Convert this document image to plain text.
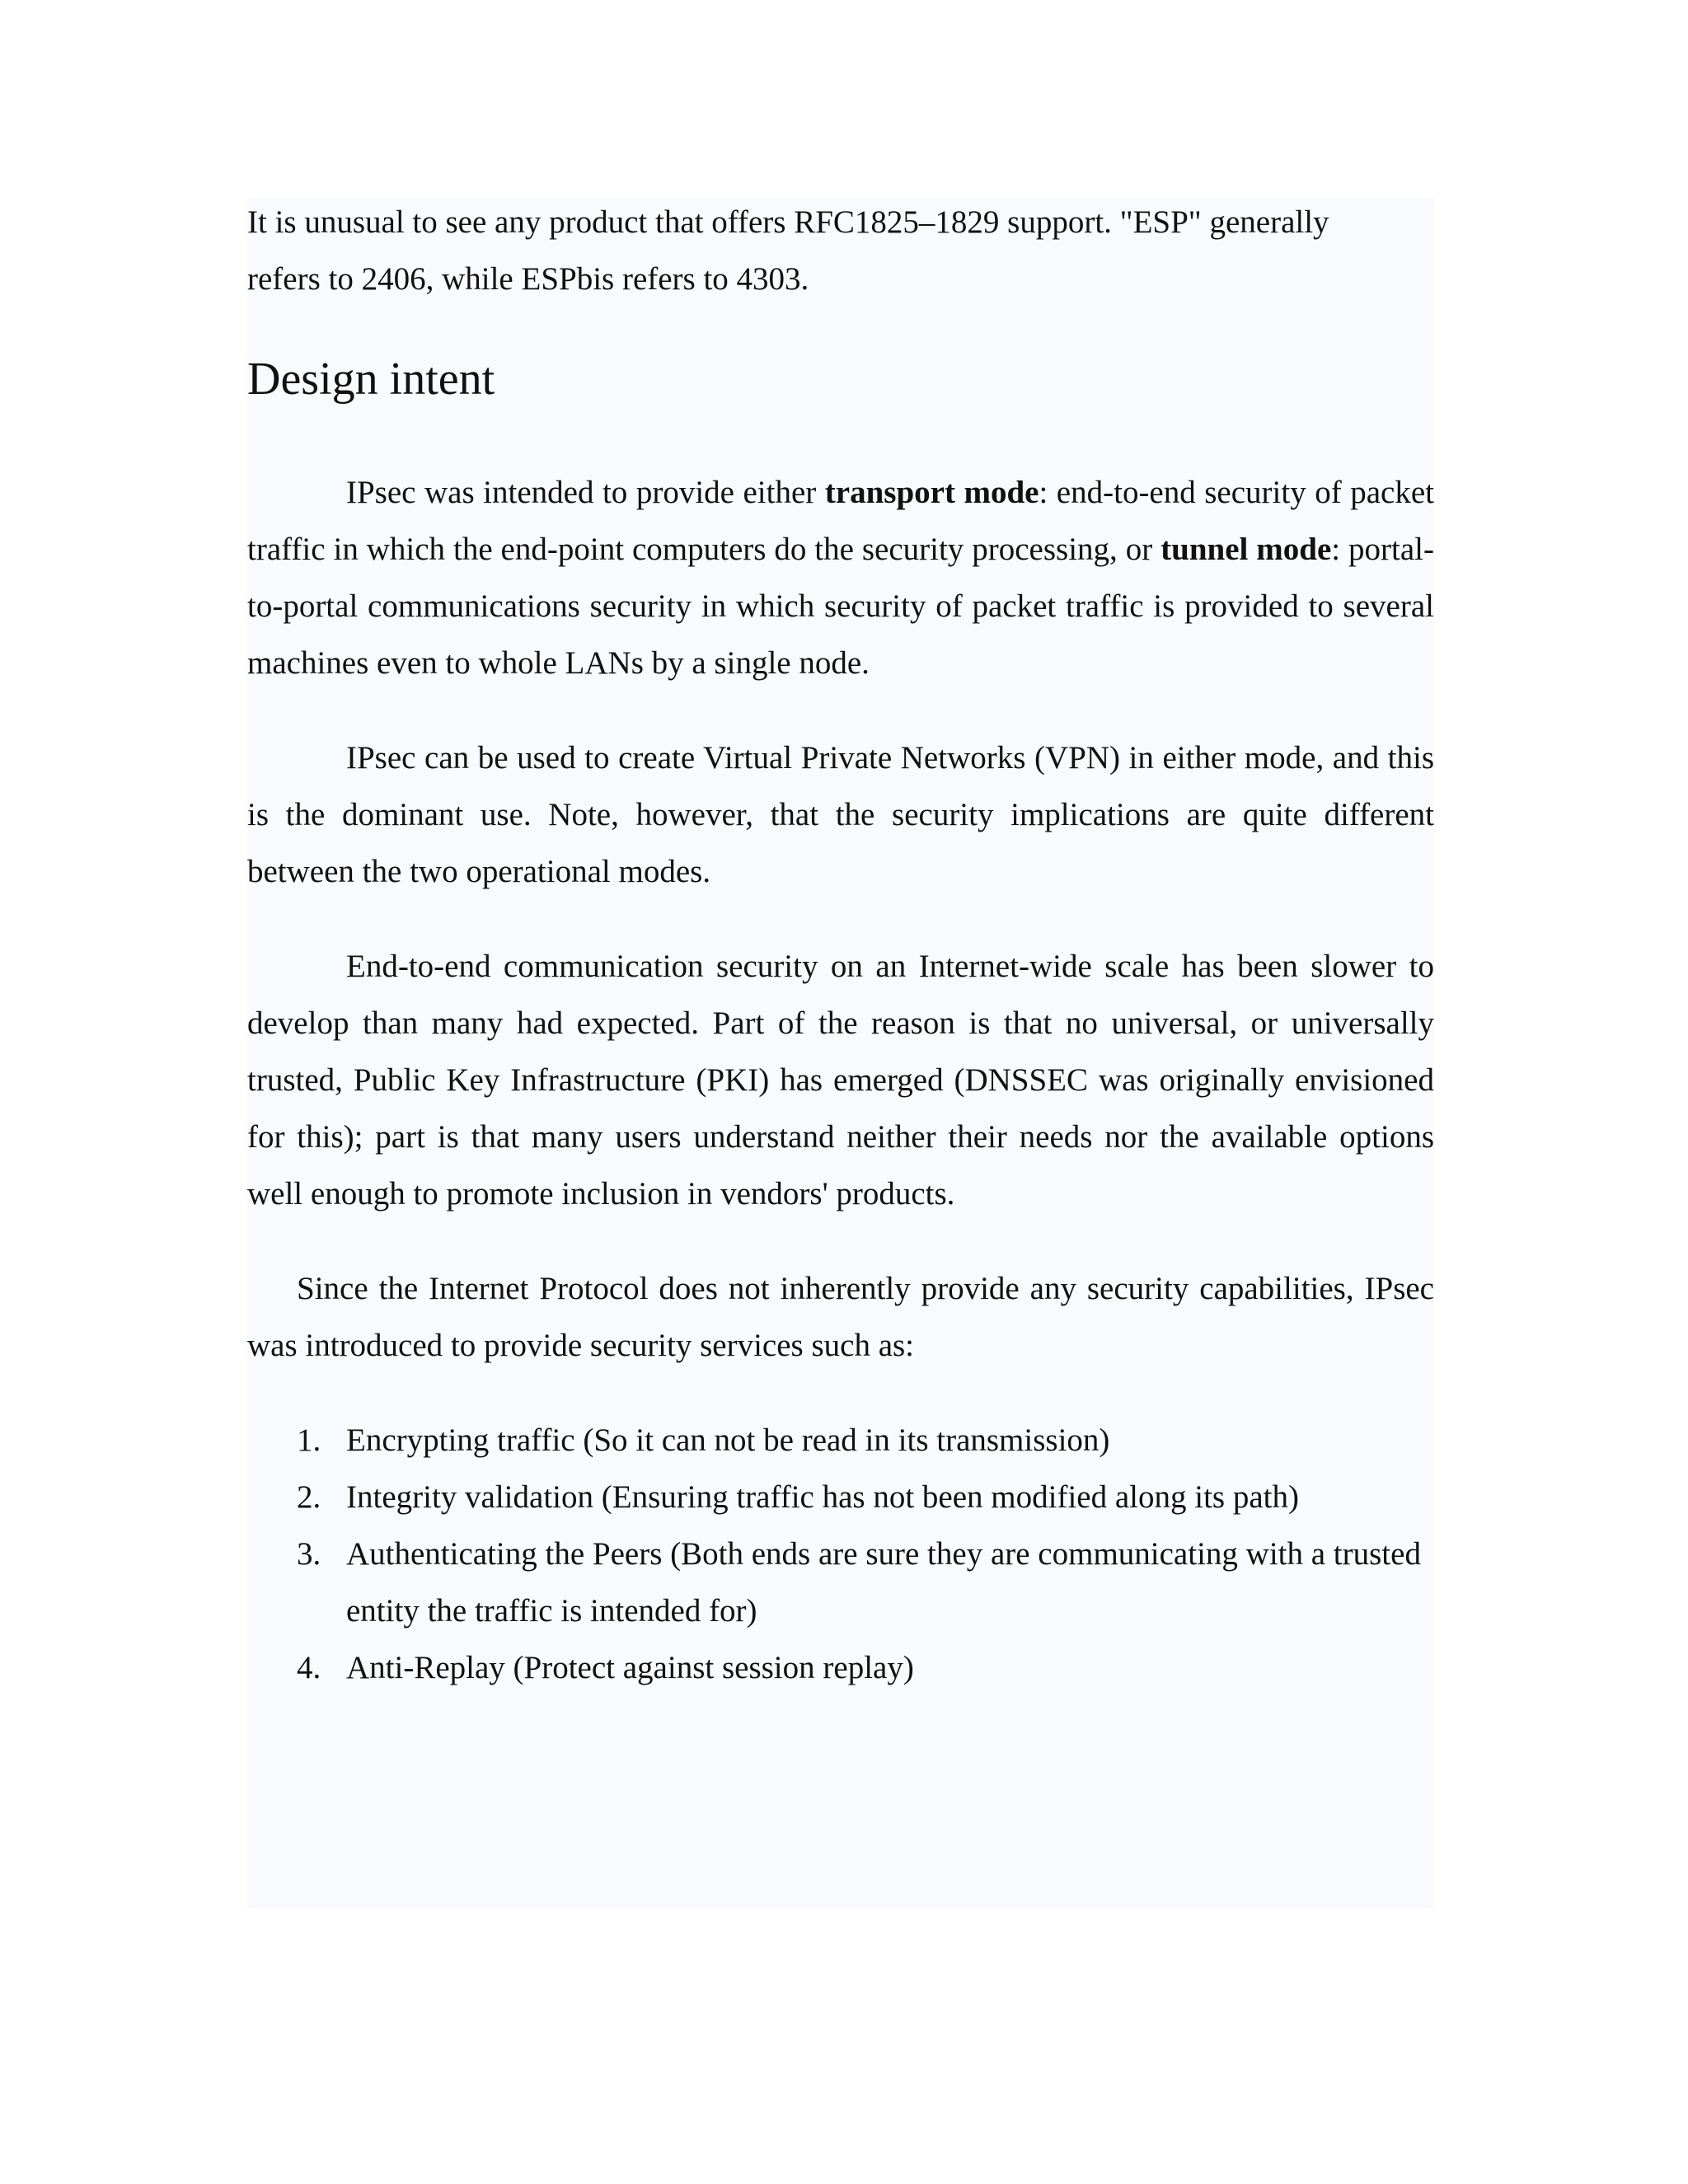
It is unusual to see any product that offers RFC1825–1829 support. "ESP" generally
refers to 2406, while ESPbis refers to 4303.

Design intent

IPsec was intended to provide either transport mode: end-to-end security of packet traffic in which the end-point computers do the security processing, or tunnel mode: portal-to-portal communications security in which security of packet traffic is provided to several machines even to whole LANs by a single node.

IPsec can be used to create Virtual Private Networks (VPN) in either mode, and this is the dominant use. Note, however, that the security implications are quite different between the two operational modes.

End-to-end communication security on an Internet-wide scale has been slower to develop than many had expected. Part of the reason is that no universal, or universally trusted, Public Key Infrastructure (PKI) has emerged (DNSSEC was originally envisioned for this); part is that many users understand neither their needs nor the available options well enough to promote inclusion in vendors' products.

Since the Internet Protocol does not inherently provide any security capabilities, IPsec was introduced to provide security services such as:

1. Encrypting traffic (So it can not be read in its transmission)
2. Integrity validation (Ensuring traffic has not been modified along its path)
3. Authenticating the Peers (Both ends are sure they are communicating with a trusted entity the traffic is intended for)
4. Anti-Replay (Protect against session replay)
